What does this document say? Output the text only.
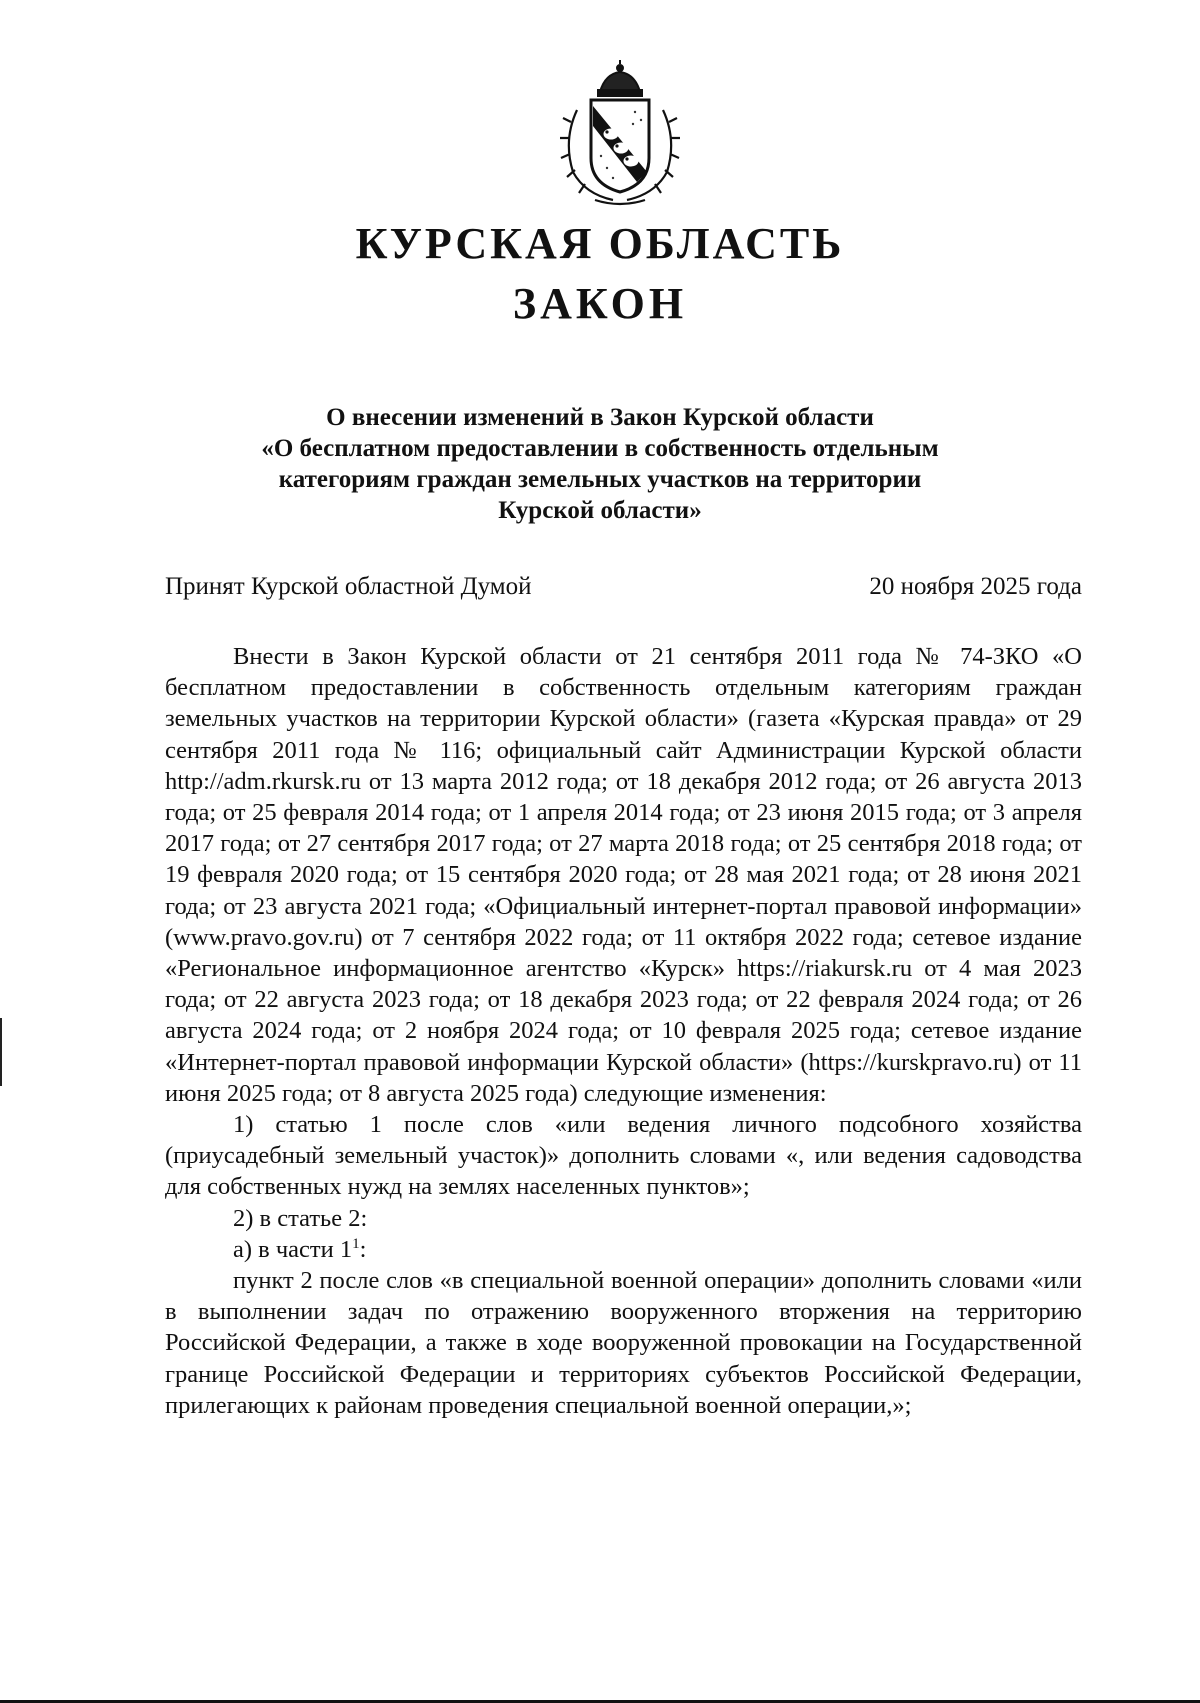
КУРСКАЯ ОБЛАСТЬ
ЗАКОН
О внесении изменений в Закон Курской области
«О бесплатном предоставлении в собственность отдельным
категориям граждан земельных участков на территории
Курской области»
Принят Курской областной Думой	20 ноября 2025 года

Внести в Закон Курской области от 21 сентября 2011 года № 74-ЗКО «О бесплатном предоставлении в собственность отдельным категориям граждан земельных участков на территории Курской области» (газета «Курская правда» от 29 сентября 2011 года № 116; официальный сайт Администрации Курской области http://adm.rkursk.ru от 13 марта 2012 года; от 18 декабря 2012 года; от 26 августа 2013 года; от 25 февраля 2014 года; от 1 апреля 2014 года; от 23 июня 2015 года; от 3 апреля 2017 года; от 27 сентября 2017 года; от 27 марта 2018 года; от 25 сентября 2018 года; от 19 февраля 2020 года; от 15 сентября 2020 года; от 28 мая 2021 года; от 28 июня 2021 года; от 23 августа 2021 года; «Официальный интернет-портал правовой информации» (www.pravo.gov.ru) от 7 сентября 2022 года; от 11 октября 2022 года; сетевое издание «Региональное информационное агентство «Курск» https://riakursk.ru от 4 мая 2023 года; от 22 августа 2023 года; от 18 декабря 2023 года; от 22 февраля 2024 года; от 26 августа 2024 года; от 2 ноября 2024 года; от 10 февраля 2025 года; сетевое издание «Интернет-портал правовой информации Курской области» (https://kurskpravo.ru) от 11 июня 2025 года; от 8 августа 2025 года) следующие изменения:

1) статью 1 после слов «или ведения личного подсобного хозяйства (приусадебный земельный участок)» дополнить словами «, или ведения садоводства для собственных нужд на землях населенных пунктов»;

2) в статье 2:

а) в части $1^1$:

пункт 2 после слов «в специальной военной операции» дополнить словами «или в выполнении задач по отражению вооруженного вторжения на территорию Российской Федерации, а также в ходе вооруженной провокации на Государственной границе Российской Федерации и территориях субъектов Российской Федерации, прилегающих к районам проведения специальной военной операции,»;
